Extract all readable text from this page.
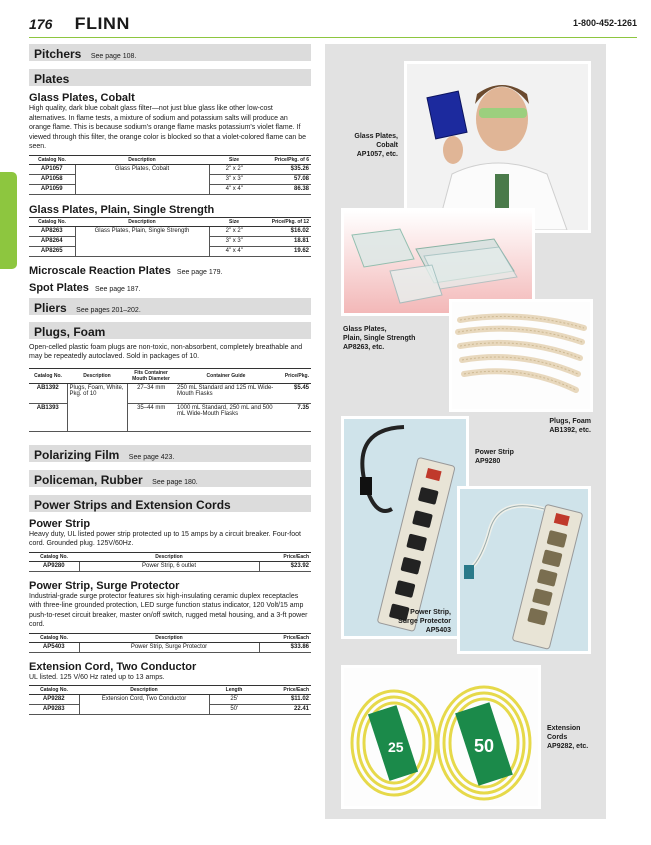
176 FLINN	1-800-452-1261
Pitchers See page 108.
Plates
Glass Plates, Cobalt
High quality, dark blue cobalt glass filter—not just blue glass like other low-cost alternatives. In flame tests, a mixture of sodium and potassium salts will produce an orange flame. This is because sodium's orange flame masks potassium's violet flame. If viewed through this filter, the orange color is blocked so that a violet-colored flame can be seen.
Catalog No.	Description	Size	Price/Pkg. of 6
AP1057	Glass Plates, Cobalt	2" x 2"	$35.26
AP1058		3" x 3"	57.08
AP1059		4" x 4"	86.38
Glass Plates, Plain, Single Strength
Catalog No.	Description	Size	Price/Pkg. of 12
AP8263	Glass Plates, Plain, Single Strength	2" x 2"	$16.02
AP8264		3" x 3"	18.81
AP8265		4" x 4"	19.62
Microscale Reaction Plates See page 179.
Spot Plates See page 187.
Pliers See pages 201–202.
Plugs, Foam
Open-celled plastic foam plugs are non-toxic, non-absorbent, completely breathable and may be repeatedly autoclaved. Sold in packages of 10.
Catalog No.	Description	Fits Container Mouth Diameter	Container Guide	Price/Pkg.
AB1392	Plugs, Foam, White, Pkg. of 10	27–34 mm	250 mL Standard and 125 mL Wide-Mouth Flasks	$5.45
AB1393		35–44 mm	1000 mL Standard, 250 mL and 500 mL Wide-Mouth Flasks	7.35
Polarizing Film See page 423.
Policeman, Rubber See page 180.
Power Strips and Extension Cords
Power Strip
Heavy duty, UL listed power strip protected up to 15 amps by a circuit breaker. Four-foot cord. Grounded plug. 125V/60Hz.
Catalog No.	Description	Price/Each
AP9280	Power Strip, 6 outlet	$23.92
Power Strip, Surge Protector
Industrial-grade surge protector features six high-insulating ceramic duplex receptacles with three-line grounded protection, LED surge function status indicator, 120 Volt/15 amp push-to-reset circuit breaker, master on/off switch, rugged metal housing, and a 3-ft power cord.
Catalog No.	Description	Price/Each
AP5403	Power Strip, Surge Protector	$33.86
Extension Cord, Two Conductor
UL listed. 125 V/60 Hz rated up to 13 amps.
Catalog No.	Description	Length	Price/Each
AP9282	Extension Cord, Two Conductor	25'	$11.02
AP9283		50'	22.41
Glass Plates,
Cobalt
AP1057, etc.
Glass Plates,
Plain, Single Strength
AP8263, etc.
Plugs, Foam
AB1392, etc.
Power Strip
AP9280
Power Strip,
Surge Protector
AP5403
25	50
Extension
Cords
AP9282, etc.
